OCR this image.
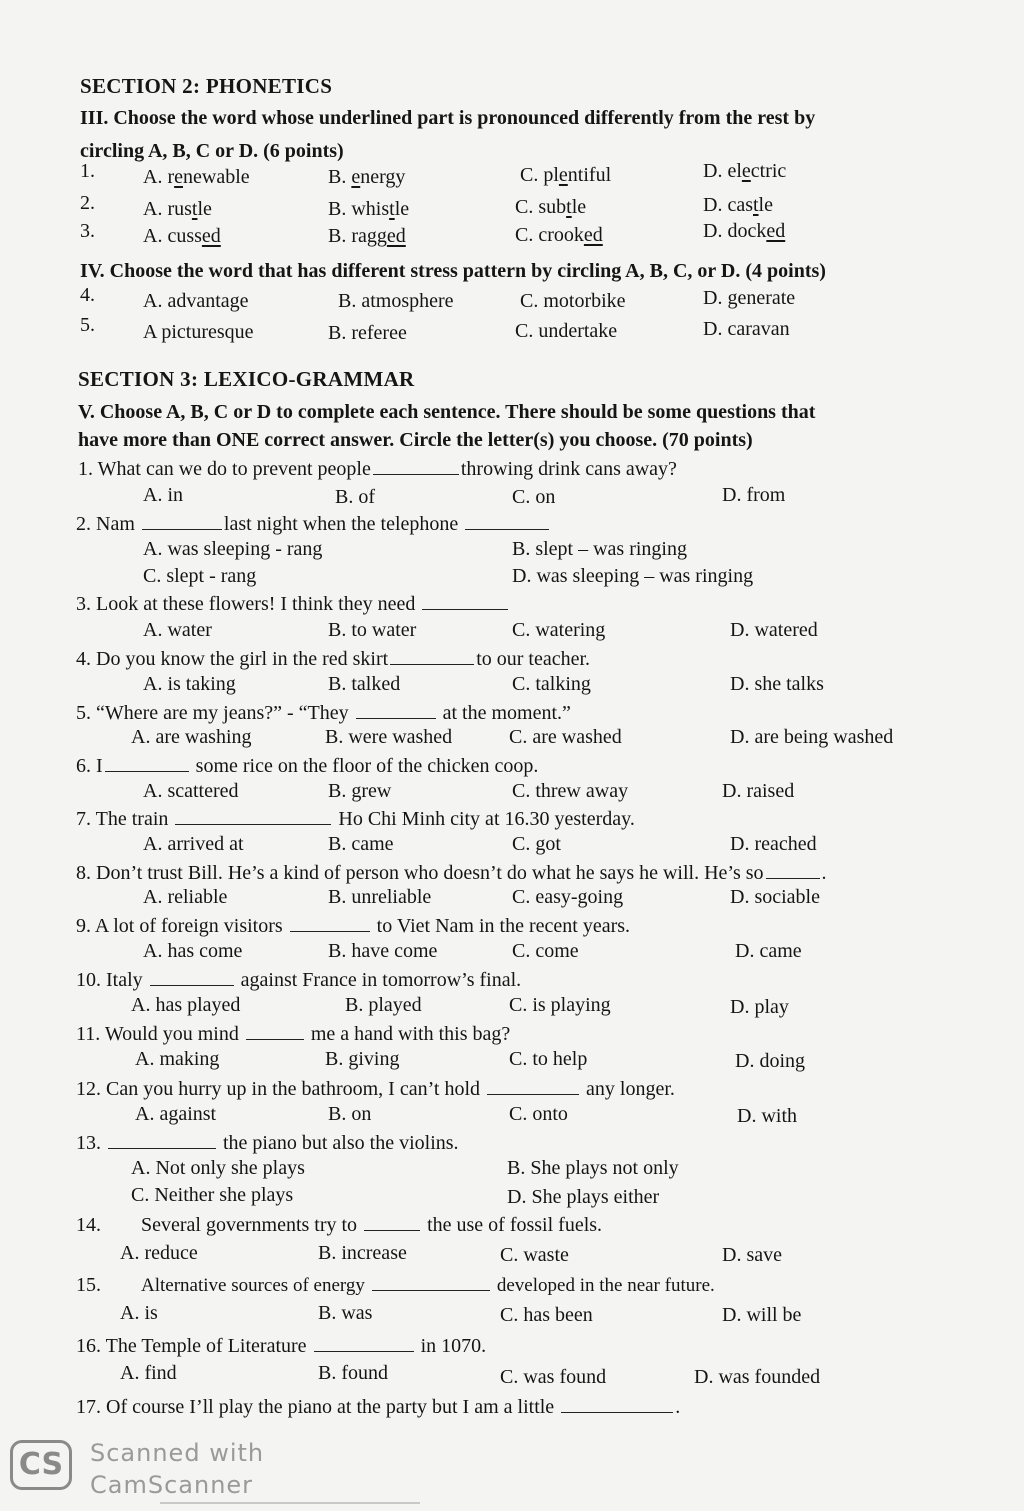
SECTION 2: PHONETICS
III. Choose the word whose underlined part is pronounced differently from the rest by
circling A, B, C or D. (6 points)
1. A. renewable	B. energy	C. plentiful	D. electric
2. A. rustle	B. whistle	C. subtle	D. castle
3. A. cussed	B. ragged	C. crooked	D. docked
IV. Choose the word that has different stress pattern by circling A, B, C, or D. (4 points)
4. A. advantage	B. atmosphere	C. motorbike	D. generate
5. A picturesque	B. referee	C. undertake	D. caravan
SECTION 3: LEXICO-GRAMMAR
V. Choose A, B, C or D to complete each sentence. There should be some questions that
have more than ONE correct answer. Circle the letter(s) you choose. (70 points)
1. What can we do to prevent people	throwing drink cans away?
A. in	B. of	C. on	D. from
2. Nam	last night when the telephone
A. was sleeping - rang	B. slept – was ringing
C. slept - rang	D. was sleeping – was ringing
3. Look at these flowers! I think they need
A. water	B. to water	C. watering	D. watered
4. Do you know the girl in the red skirt	to our teacher.
A. is taking	B. talked	C. talking	D. she talks
5. “Where are my jeans?” - “They	at the moment.”
A. are washing	B. were washed	C. are washed	D. are being washed
6. I	some rice on the floor of the chicken coop.
A. scattered	B. grew	C. threw away	D. raised
7. The train	Ho Chi Minh city at 16.30 yesterday.
A. arrived at	B. came	C. got	D. reached
8. Don’t trust Bill. He’s a kind of person who doesn’t do what he says he will. He’s so	.
A. reliable	B. unreliable	C. easy-going	D. sociable
9. A lot of foreign visitors	to Viet Nam in the recent years.
A. has come	B. have come	C. come	D. came
10. Italy	against France in tomorrow’s final.
A. has played	B. played	C. is playing	D. play
11. Would you mind	me a hand with this bag?
A. making	B. giving	C. to help	D. doing
12. Can you hurry up in the bathroom, I can’t hold	any longer.
A. against	B. on	C. onto	D. with
13.	the piano but also the violins.
A. Not only she plays	B. She plays not only
C. Neither she plays	D. She plays either
14. Several governments try to	the use of fossil fuels.
A. reduce	B. increase	C. waste	D. save
15. Alternative sources of energy	developed in the near future.
A. is	B. was	C. has been	D. will be
16. The Temple of Literature	in 1070.
A. find	B. found	C. was found	D. was founded
17. Of course I’ll play the piano at the party but I am a little	.
CS	Scanned with
CamScanner
